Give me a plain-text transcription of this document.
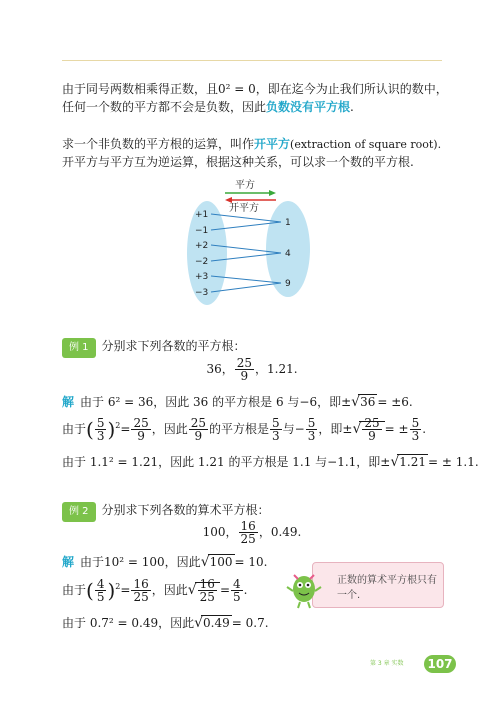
由于同号两数相乘得正数，且0² = 0，即在迄今为止我们所认识的数中，
任何一个数的平方都不会是负数，因此负数没有平方根.
求一个非负数的平方根的运算，叫作开平方(extraction of square root).
开平方与平方互为逆运算，根据这种关系，可以求一个数的平方根.
平方
开平方
+1
−1
+2
−2
+3
−3
1
4
9
例 1 分别求下列各数的平方根：
36， $\frac{25}{9}$ ，1.21.
解 由于 6² = 36，因此 36 的平方根是 6 与−6，即±√36 = ±6.
由于( $\frac{5}{3} )^2= \frac{25}{9}$ ，因此 $\frac{25}{9}$ 的平方根是 $\frac{5}{3}$ 与− $\frac{5}{3}$ ，即±√ $\frac{25}{9}$ = ± $\frac{5}{3}$ .
由于 1.1² = 1.21，因此 1.21 的平方根是 1.1 与−1.1，即±√1.21 = ± 1.1.
例 2 分别求下列各数的算术平方根：
100， $\frac{16}{25}$ ，0.49.
解 由于10² = 100，因此√100 = 10.
由于( $\frac{4}{5} )^2= \frac{16}{25}$ ，因此√ $\frac{16}{25} = \frac{4}{5}$ .
由于 0.7² = 0.49，因此√0.49 = 0.7.
正数的算术平方根只有一个.
第 3 章 实数 107
